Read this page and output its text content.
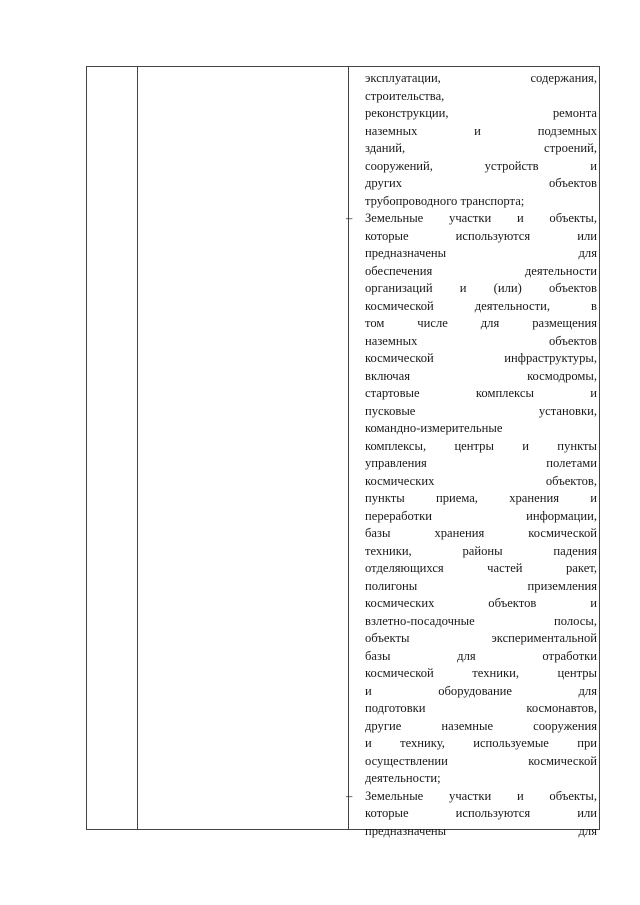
эксплуатации, содержания,
строительства,
реконструкции, ремонта
наземных и подземных
зданий, строений,
сооружений, устройств и
других объектов
трубопроводного транспорта;
– Земельные участки и объекты,
которые используются или
предназначены для
обеспечения деятельности
организаций и (или) объектов
космической деятельности, в
том числе для размещения
наземных объектов
космической инфраструктуры,
включая космодромы,
стартовые комплексы и
пусковые установки,
командно-измерительные
комплексы, центры и пункты
управления полетами
космических объектов,
пункты приема, хранения и
переработки информации,
базы хранения космической
техники, районы падения
отделяющихся частей ракет,
полигоны приземления
космических объектов и
взлетно-посадочные полосы,
объекты экспериментальной
базы для отработки
космической техники, центры
и оборудование для
подготовки космонавтов,
другие наземные сооружения
и технику, используемые при
осуществлении космической
деятельности;
– Земельные участки и объекты,
которые используются или
предназначены для
